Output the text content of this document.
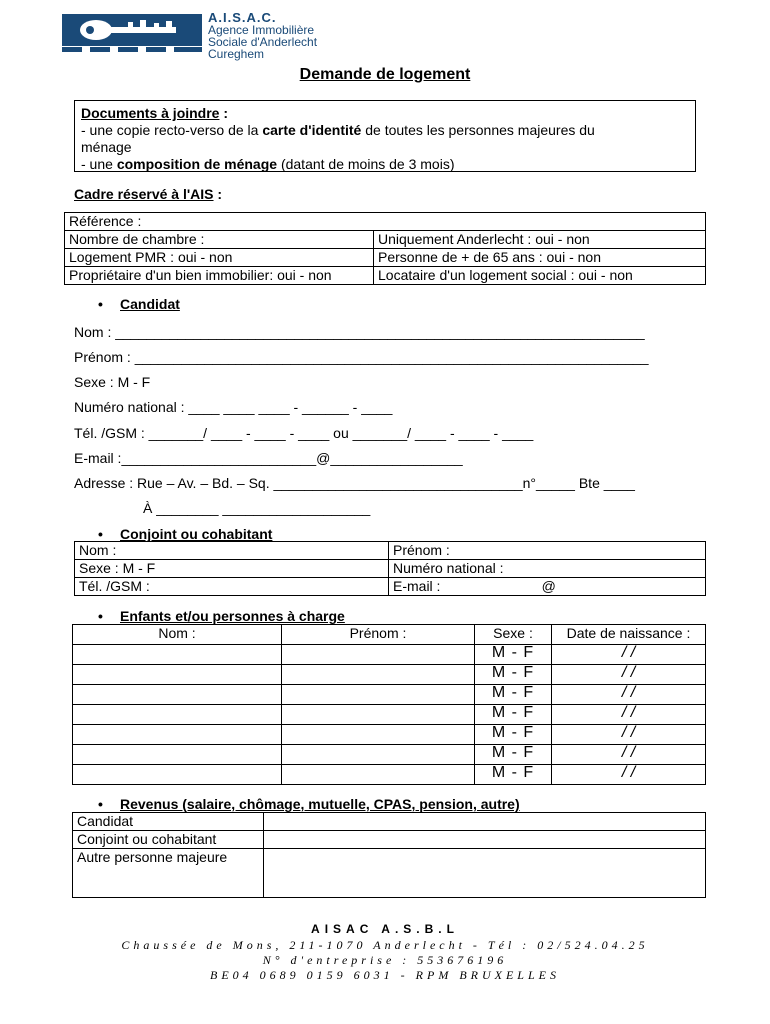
A.I.S.A.C.
Agence Immobilière
Sociale d'Anderlecht
Cureghem
Demande de logement
Documents à joindre :
- une copie recto-verso de la carte d'identité de toutes les personnes majeures du
ménage
- une composition de ménage (datant de moins de 3 mois)
Cadre réservé à l'AIS :
Référence :	
Nombre de chambre :	Uniquement Anderlecht : oui - non
Logement PMR : oui - non	Personne de + de 65 ans : oui - non
Propriétaire d'un bien immobilier: oui - non	Locataire d'un logement social : oui - non
• Candidat
Nom : ____________________________________________________________________
Prénom : __________________________________________________________________
Sexe : M - F
Numéro national : ____ ____ ____ - ______ - ____
Tél. /GSM : _______/ ____ - ____ - ____ ou _______/ ____ - ____ - ____
E-mail :_________________________@_________________
Adresse : Rue – Av. – Bd. – Sq. ________________________________n°_____ Bte ____
À ________ ___________________
• Conjoint ou cohabitant
Nom :	Prénom :
Sexe : M - F	Numéro national :
Tél. /GSM :	E-mail :                          @
• Enfants et/ou personnes à charge
Nom :	Prénom :	Sexe :	Date de naissance :
		M - F	/ /
		M - F	/ /
		M - F	/ /
		M - F	/ /
		M - F	/ /
		M - F	/ /
		M - F	/ /
• Revenus (salaire, chômage, mutuelle, CPAS, pension, autre)
Candidat	
Conjoint ou cohabitant	
Autre personne majeure	
AISAC A.S.B.L
Chaussée de Mons, 211-1070 Anderlecht - Tél : 02/524.04.25
N° d'entreprise : 553676196
BE04 0689 0159 6031 - RPM BRUXELLES
